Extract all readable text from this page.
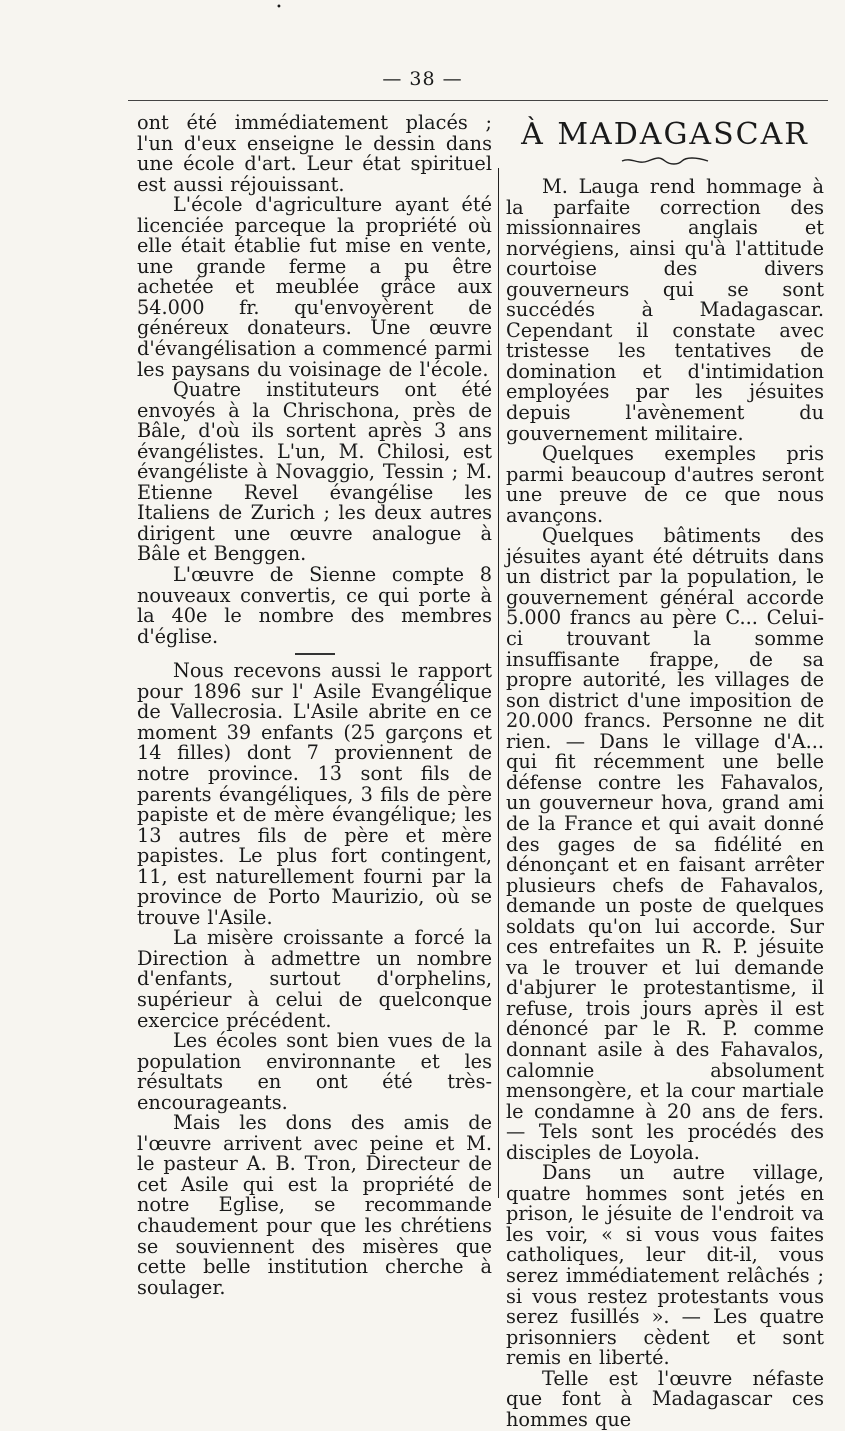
•
— 38 —

ont été immédiatement placés ; l'un d'eux enseigne le dessin dans une école d'art. Leur état spirituel est aussi réjouissant.

L'école d'agriculture ayant été licenciée parceque la propriété où elle était établie fut mise en vente, une grande ferme a pu être achetée et meublée grâce aux 54.000 fr. qu'envoyèrent de généreux donateurs. Une œuvre d'évangélisation a commencé parmi les paysans du voisinage de l'école.

Quatre instituteurs ont été envoyés à la Chrischona, près de Bâle, d'où ils sortent après 3 ans évangélistes. L'un, M. Chilosi, est évangéliste à Novaggio, Tessin ; M. Etienne Revel évangélise les Italiens de Zurich ; les deux autres dirigent une œuvre analogue à Bâle et Benggen.

L'œuvre de Sienne compte 8 nouveaux convertis, ce qui porte à la 40e le nombre des membres d'église.

Nous recevons aussi le rapport pour 1896 sur l' Asile Evangélique de Vallecrosia. L'Asile abrite en ce moment 39 enfants (25 garçons et 14 filles) dont 7 proviennent de notre province. 13 sont fils de parents évangéliques, 3 fils de père papiste et de mère évangélique; les 13 autres fils de père et mère papistes. Le plus fort contingent, 11, est naturellement fourni par la province de Porto Maurizio, où se trouve l'Asile.

La misère croissante a forcé la Direction à admettre un nombre d'enfants, surtout d'orphelins, supérieur à celui de quelconque exercice précédent.

Les écoles sont bien vues de la population environnante et les résultats en ont été très-encourageants.

Mais les dons des amis de l'œuvre arrivent avec peine et M. le pasteur A. B. Tron, Directeur de cet Asile qui est la propriété de notre Eglise, se recommande chaudement pour que les chrétiens se souviennent des misères que cette belle institution cherche à soulager.

À MADAGASCAR

M. Lauga rend hommage à la parfaite correction des missionnaires anglais et norvégiens, ainsi qu'à l'attitude courtoise des divers gouverneurs qui se sont succédés à Madagascar. Cependant il constate avec tristesse les tentatives de domination et d'intimidation employées par les jésuites depuis l'avènement du gouvernement militaire.

Quelques exemples pris parmi beaucoup d'autres seront une preuve de ce que nous avançons.

Quelques bâtiments des jésuites ayant été détruits dans un district par la population, le gouvernement général accorde 5.000 francs au père C... Celui-ci trouvant la somme insuffisante frappe, de sa propre autorité, les villages de son district d'une imposition de 20.000 francs. Personne ne dit rien. — Dans le village d'A... qui fit récemment une belle défense contre les Fahavalos, un gouverneur hova, grand ami de la France et qui avait donné des gages de sa fidélité en dénonçant et en faisant arrêter plusieurs chefs de Fahavalos, demande un poste de quelques soldats qu'on lui accorde. Sur ces entrefaites un R. P. jésuite va le trouver et lui demande d'abjurer le protestantisme, il refuse, trois jours après il est dénoncé par le R. P. comme donnant asile à des Fahavalos, calomnie absolument mensongère, et la cour martiale le condamne à 20 ans de fers. — Tels sont les procédés des disciples de Loyola.

Dans un autre village, quatre hommes sont jetés en prison, le jésuite de l'endroit va les voir, « si vous vous faites catholiques, leur dit-il, vous serez immédiatement relâchés ; si vous restez protestants vous serez fusillés ». — Les quatre prisonniers cèdent et sont remis en liberté.

Telle est l'œuvre néfaste que font à Madagascar ces hommes que
